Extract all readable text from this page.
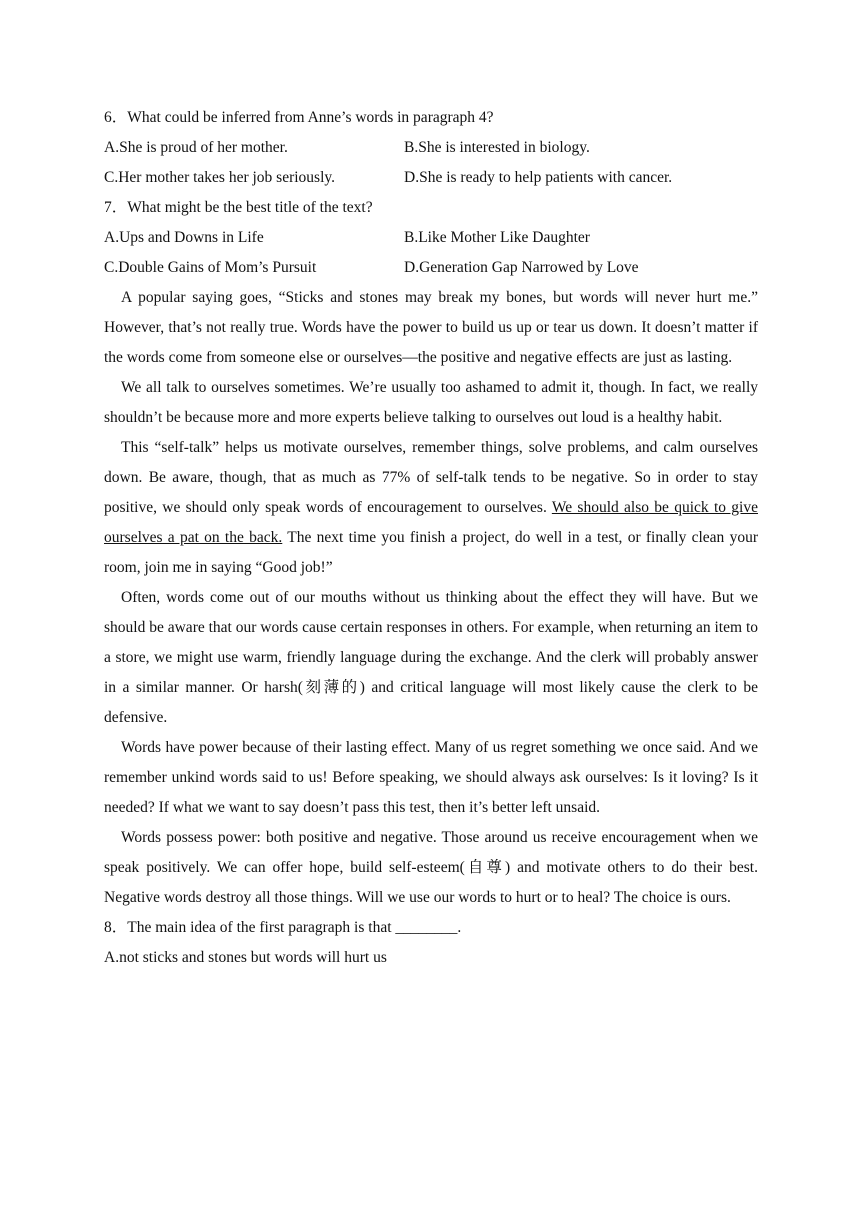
6．What could be inferred from Anne’s words in paragraph 4?

A.She is proud of her mother.	B.She is interested in biology.
C.Her mother takes her job seriously.	D.She is ready to help patients with cancer.

7．What might be the best title of the text?

A.Ups and Downs in Life	B.Like Mother Like Daughter
C.Double Gains of Mom’s Pursuit	D.Generation Gap Narrowed by Love

A popular saying goes, “Sticks and stones may break my bones, but words will never hurt me.” However, that’s not really true. Words have the power to build us up or tear us down. It doesn’t matter if the words come from someone else or ourselves—the positive and negative effects are just as lasting.

We all talk to ourselves sometimes. We’re usually too ashamed to admit it, though. In fact, we really shouldn’t be because more and more experts believe talking to ourselves out loud is a healthy habit.

This “self-talk” helps us motivate ourselves, remember things, solve problems, and calm ourselves down. Be aware, though, that as much as 77% of self-talk tends to be negative. So in order to stay positive, we should only speak words of encouragement to ourselves. We should also be quick to give ourselves a pat on the back. The next time you finish a project, do well in a test, or finally clean your room, join me in saying “Good job!”

Often, words come out of our mouths without us thinking about the effect they will have. But we should be aware that our words cause certain responses in others. For example, when returning an item to a store, we might use warm, friendly language during the exchange. And the clerk will probably answer in a similar manner. Or harsh(刻薄的) and critical language will most likely cause the clerk to be defensive.

Words have power because of their lasting effect. Many of us regret something we once said. And we remember unkind words said to us! Before speaking, we should always ask ourselves: Is it loving? Is it needed? If what we want to say doesn’t pass this test, then it’s better left unsaid.

Words possess power: both positive and negative. Those around us receive encouragement when we speak positively. We can offer hope, build self-esteem(自尊) and motivate others to do their best. Negative words destroy all those things. Will we use our words to hurt or to heal? The choice is ours.

8．The main idea of the first paragraph is that ________.

A.not sticks and stones but words will hurt us
